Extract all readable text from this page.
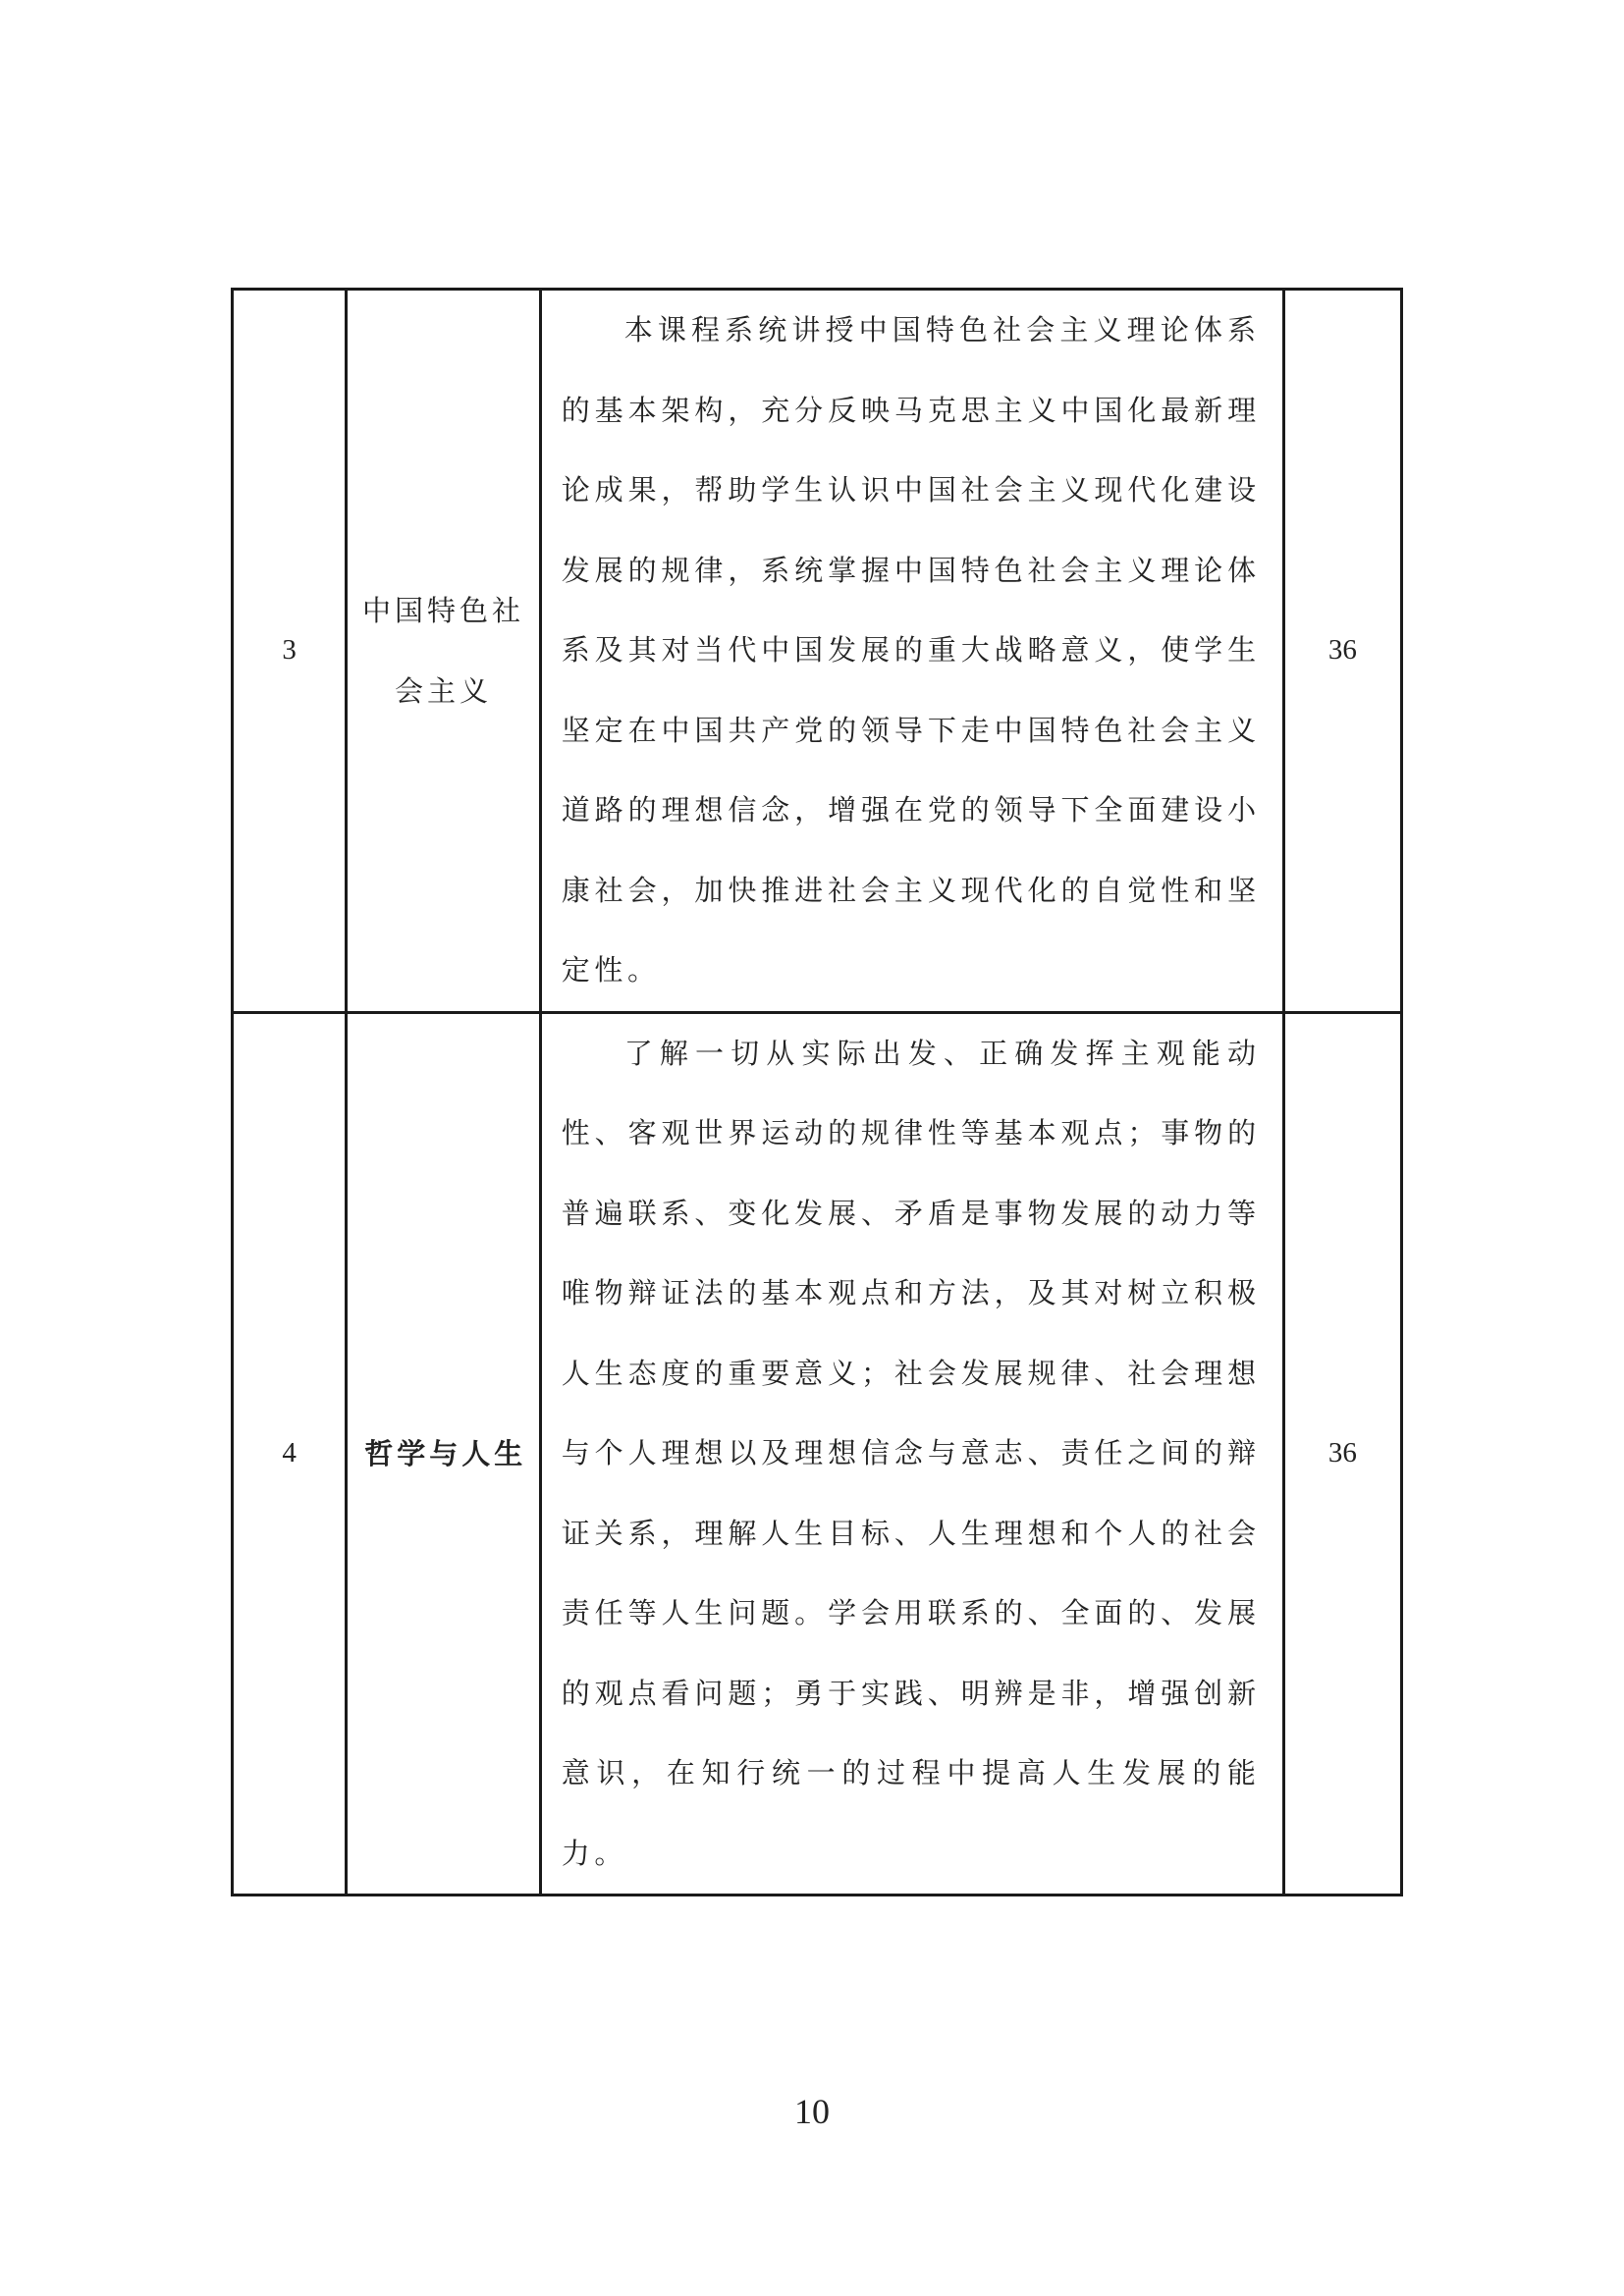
3	中国特色社会主义	本课程系统讲授中国特色社会主义理论体系的基本架构，充分反映马克思主义中国化最新理论成果，帮助学生认识中国社会主义现代化建设发展的规律，系统掌握中国特色社会主义理论体系及其对当代中国发展的重大战略意义，使学生坚定在中国共产党的领导下走中国特色社会主义道路的理想信念，增强在党的领导下全面建设小康社会，加快推进社会主义现代化的自觉性和坚定性。	36
4	哲学与人生	了解一切从实际出发、正确发挥主观能动性、客观世界运动的规律性等基本观点；事物的普遍联系、变化发展、矛盾是事物发展的动力等唯物辩证法的基本观点和方法，及其对树立积极人生态度的重要意义；社会发展规律、社会理想与个人理想以及理想信念与意志、责任之间的辩证关系，理解人生目标、人生理想和个人的社会责任等人生问题。学会用联系的、全面的、发展的观点看问题；勇于实践、明辨是非，增强创新意识，在知行统一的过程中提高人生发展的能力。	36
10
